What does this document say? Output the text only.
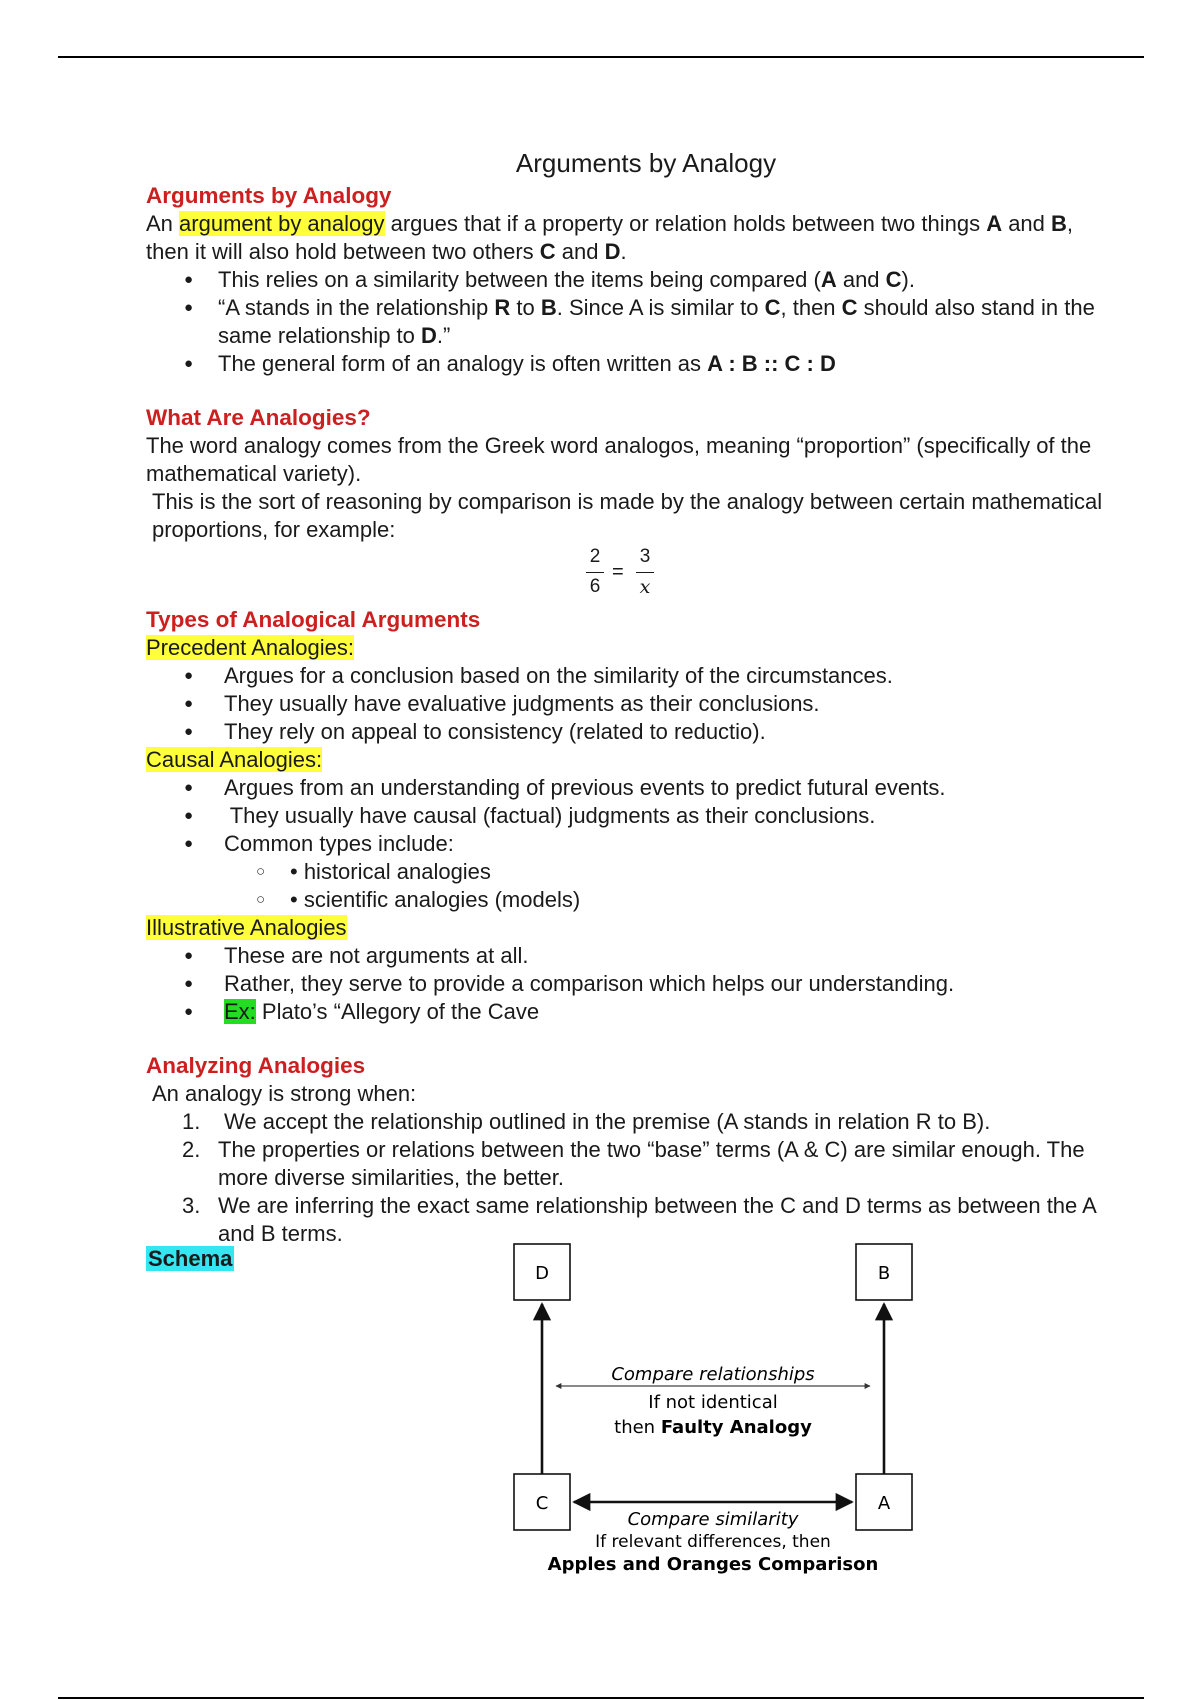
Arguments by Analogy
Arguments by Analogy

An argument by analogy argues that if a property or relation holds between two things A and B, then it will also hold between two others C and D.

● This relies on a similarity between the items being compared (A and C).
● “A stands in the relationship R to B. Since A is similar to C, then C should also stand in the same relationship to D.”
● The general form of an analogy is often written as A : B :: C : D
What Are Analogies?

The word analogy comes from the Greek word analogos, meaning “proportion” (specifically of the mathematical variety).

This is the sort of reasoning by comparison is made by the analogy between certain mathematical proportions, for example:

2
6
=
3
x
Types of Analogical Arguments
Precedent Analogies:
● Argues for a conclusion based on the similarity of the circumstances.
● They usually have evaluative judgments as their conclusions.
● They rely on appeal to consistency (related to reductio).
Causal Analogies:
● Argues from an understanding of previous events to predict futural events.
●  They usually have causal (factual) judgments as their conclusions.
● Common types include:
○ • historical analogies
○ • scientific analogies (models)
Illustrative Analogies
● These are not arguments at all.
● Rather, they serve to provide a comparison which helps our understanding.
● Ex: Plato’s “Allegory of the Cave
Analyzing Analogies

An analogy is strong when:

1. We accept the relationship outlined in the premise (A stands in relation R to B).
2. The properties or relations between the two “base” terms (A & C) are similar enough. The more diverse similarities, the better.
3. We are inferring the exact same relationship between the C and D terms as between the A and B terms.
Schema
D	B
C	A
Compare relationships
If not identical
then Faulty Analogy
Compare similarity
If relevant differences, then
Apples and Oranges Comparison
